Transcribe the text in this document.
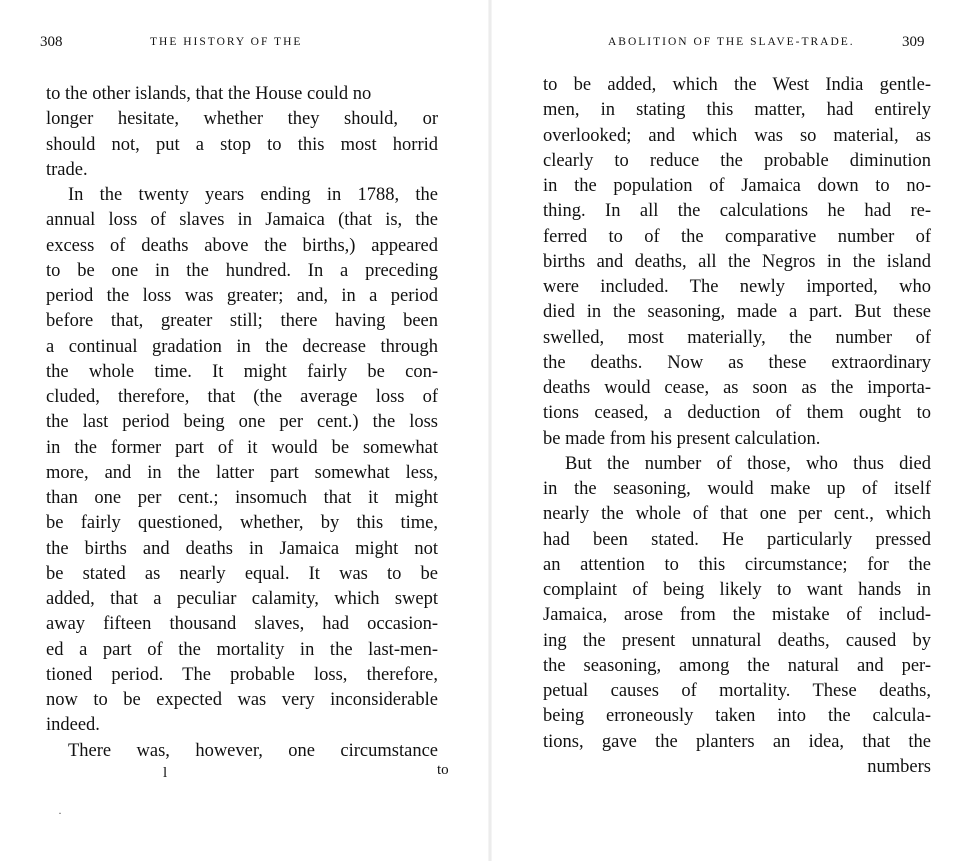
308	THE HISTORY OF THE
to the other islands, that the House could no
longer hesitate, whether they should, or
should not, put a stop to this most horrid
trade.
In the twenty years ending in 1788, the
annual loss of slaves in Jamaica (that is, the
excess of deaths above the births,) appeared
to be one in the hundred. In a preceding
period the loss was greater; and, in a period
before that, greater still; there having been
a continual gradation in the decrease through
the whole time. It might fairly be con-
cluded, therefore, that (the average loss of
the last period being one per cent.) the loss
in the former part of it would be somewhat
more, and in the latter part somewhat less,
than one per cent.; insomuch that it might
be fairly questioned, whether, by this time,
the births and deaths in Jamaica might not
be stated as nearly equal. It was to be
added, that a peculiar calamity, which swept
away fifteen thousand slaves, had occasion-
ed a part of the mortality in the last-men-
tioned period. The probable loss, therefore,
now to be expected was very inconsiderable
indeed.
There was, however, one circumstance
l	to
·
ABOLITION OF THE SLAVE-TRADE.	309
to be added, which the West India gentle-
men, in stating this matter, had entirely
overlooked; and which was so material, as
clearly to reduce the probable diminution
in the population of Jamaica down to no-
thing. In all the calculations he had re-
ferred to of the comparative number of
births and deaths, all the Negros in the island
were included. The newly imported, who
died in the seasoning, made a part. But these
swelled, most materially, the number of
the deaths. Now as these extraordinary
deaths would cease, as soon as the importa-
tions ceased, a deduction of them ought to
be made from his present calculation.
But the number of those, who thus died
in the seasoning, would make up of itself
nearly the whole of that one per cent., which
had been stated. He particularly pressed
an attention to this circumstance; for the
complaint of being likely to want hands in
Jamaica, arose from the mistake of includ-
ing the present unnatural deaths, caused by
the seasoning, among the natural and per-
petual causes of mortality. These deaths,
being erroneously taken into the calcula-
tions, gave the planters an idea, that the
numbers
